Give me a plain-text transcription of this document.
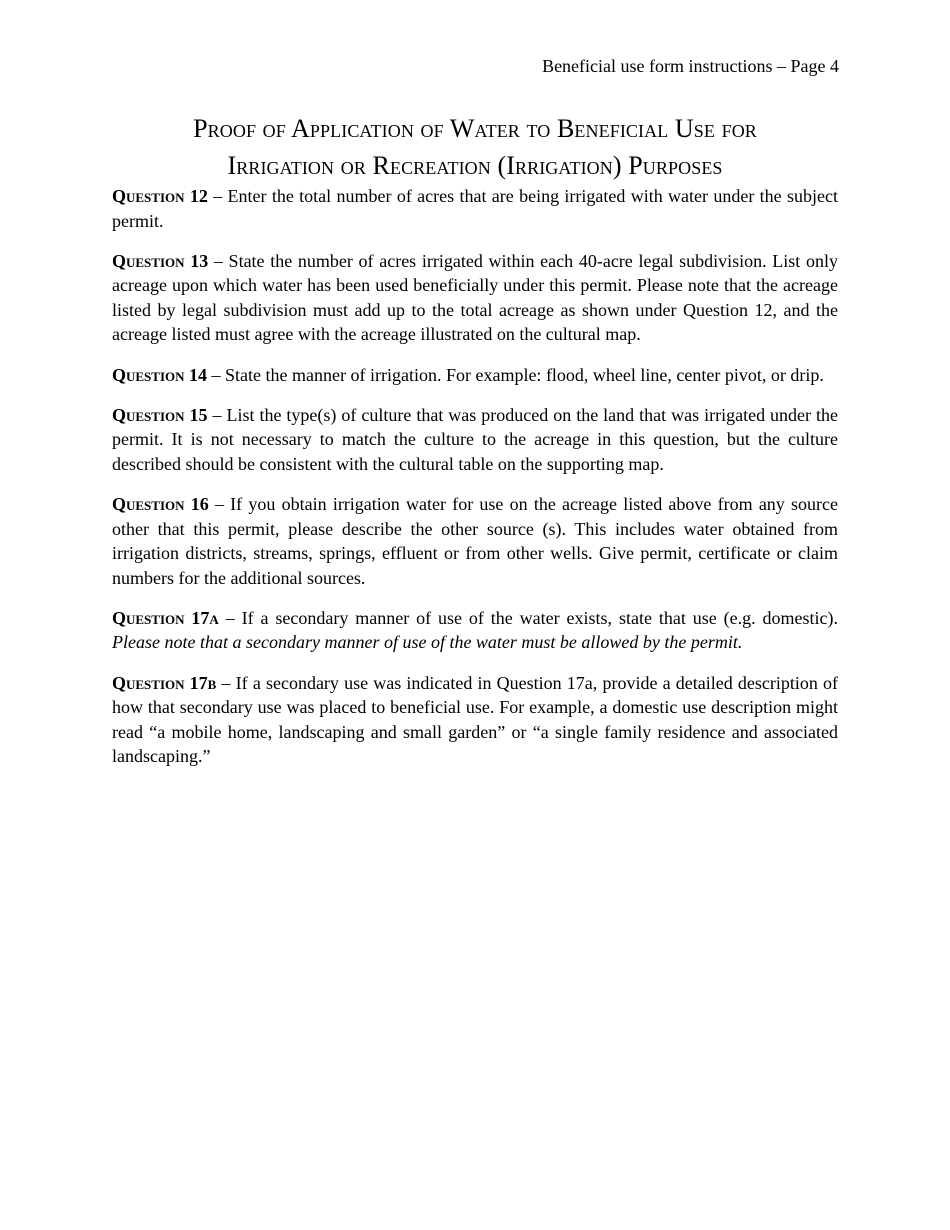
Beneficial use form instructions – Page 4
Proof of Application of Water to Beneficial Use for
Irrigation or Recreation (Irrigation) Purposes

Question 12 – Enter the total number of acres that are being irrigated with water under the subject permit.

Question 13 – State the number of acres irrigated within each 40-acre legal subdivision. List only acreage upon which water has been used beneficially under this permit. Please note that the acreage listed by legal subdivision must add up to the total acreage as shown under Question 12, and the acreage listed must agree with the acreage illustrated on the cultural map.

Question 14 – State the manner of irrigation. For example: flood, wheel line, center pivot, or drip.

Question 15 – List the type(s) of culture that was produced on the land that was irrigated under the permit. It is not necessary to match the culture to the acreage in this question, but the culture described should be consistent with the cultural table on the supporting map.

Question 16 – If you obtain irrigation water for use on the acreage listed above from any source other that this permit, please describe the other source (s). This includes water obtained from irrigation districts, streams, springs, effluent or from other wells. Give permit, certificate or claim numbers for the additional sources.

Question 17a – If a secondary manner of use of the water exists, state that use (e.g. domestic). Please note that a secondary manner of use of the water must be allowed by the permit.

Question 17b – If a secondary use was indicated in Question 17a, provide a detailed description of how that secondary use was placed to beneficial use. For example, a domestic use description might read “a mobile home, landscaping and small garden” or “a single family residence and associated landscaping.”
